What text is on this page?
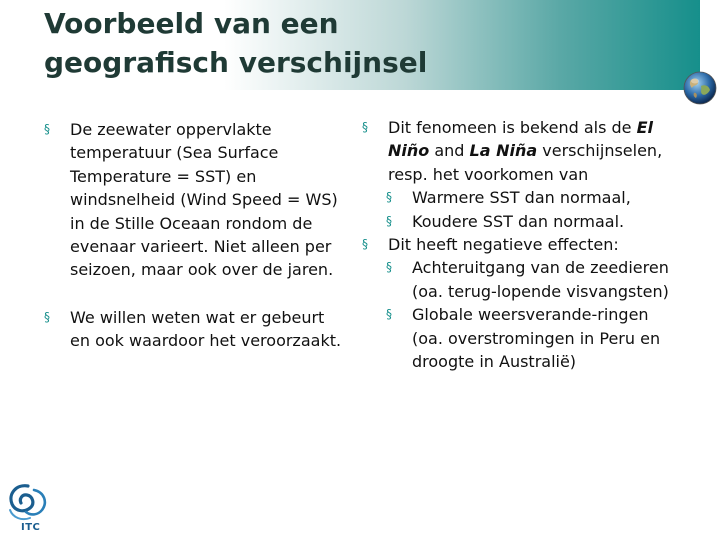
Voorbeeld van een
geografisch verschijnsel

§ De zeewater oppervlakte temperatuur (Sea Surface Temperature = SST) en windsnelheid (Wind Speed = WS) in de Stille Oceaan rondom de evenaar varieert. Niet alleen per seizoen, maar ook over de jaren.

§ We willen weten wat er gebeurt en ook waardoor het veroorzaakt.

§ Dit fenomeen is bekend als de El Niño and La Niña verschijnselen, resp. het voorkomen van

§ Warmere SST dan normaal,

§ Koudere SST dan normaal.

§ Dit heeft negatieve effecten:

§ Achteruitgang van de zeedieren (oa. terug-lopende visvangsten)

§ Globale weersverande-ringen (oa. overstromingen in Peru en droogte in Australië)

ITC
